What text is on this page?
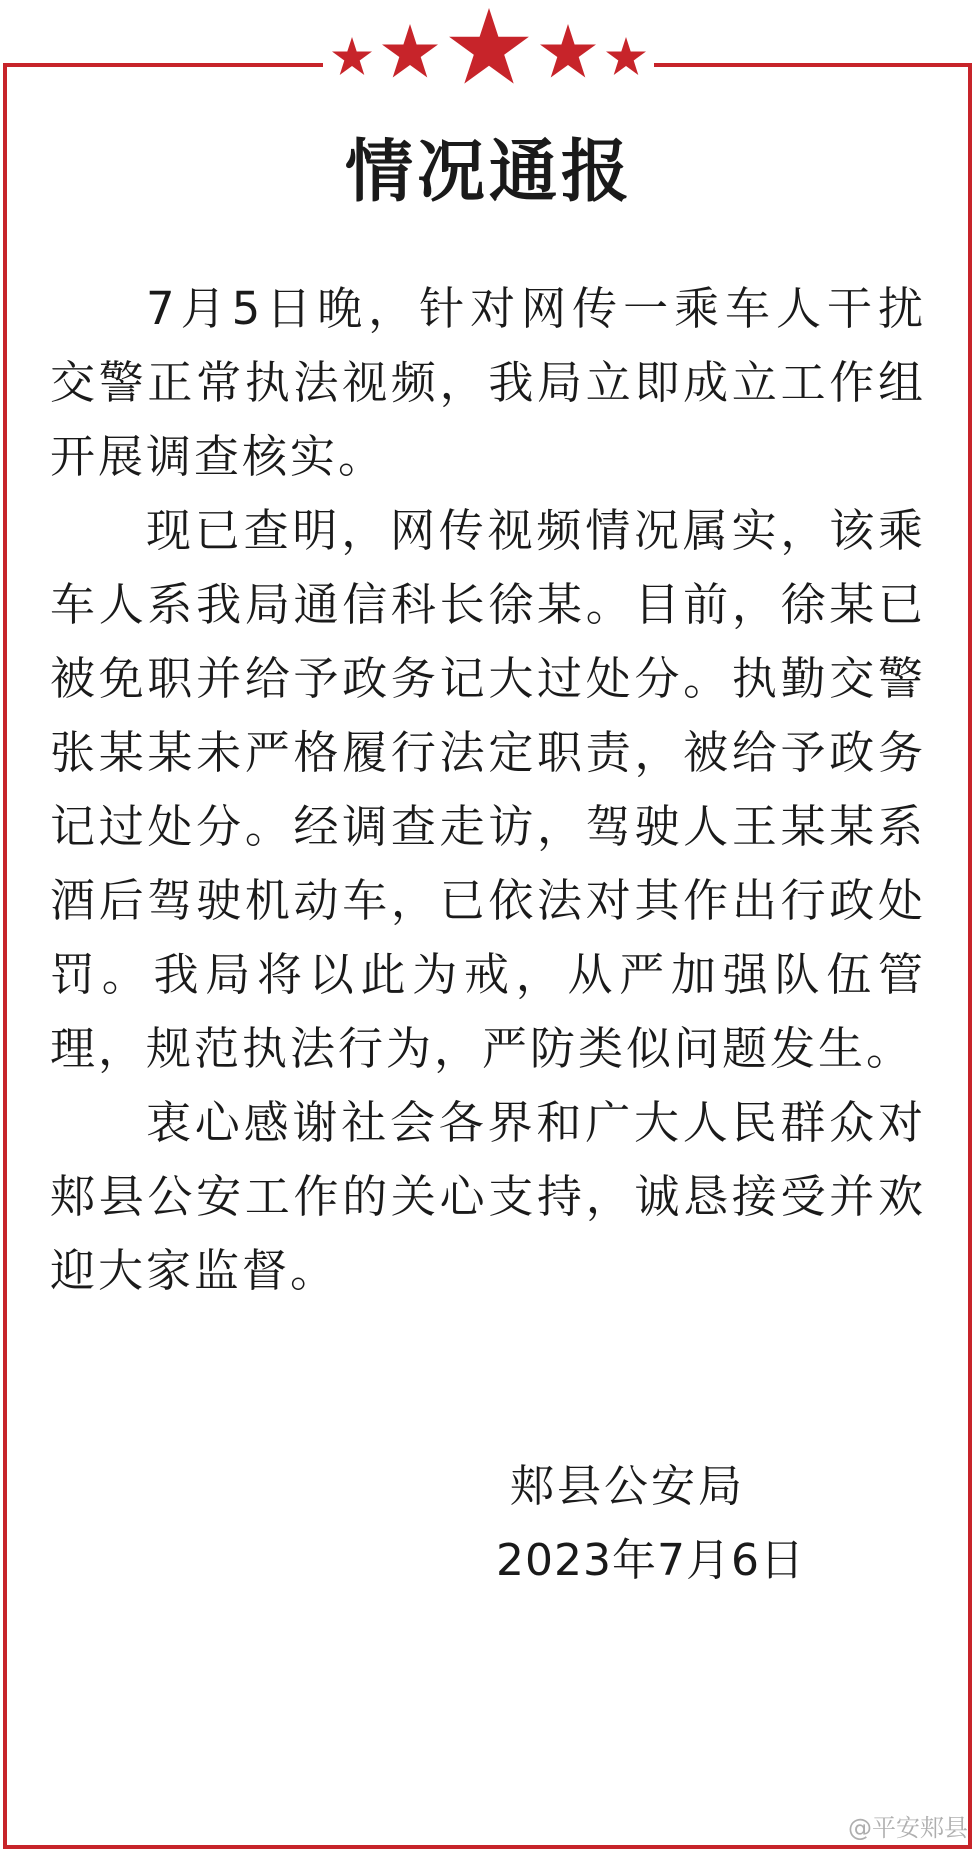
情况通报

7月5日晚，针对网传一乘车人干扰交警正常执法视频，我局立即成立工作组开展调查核实。

现已查明，网传视频情况属实，该乘车人系我局通信科长徐某。目前，徐某已被免职并给予政务记大过处分。执勤交警张某某未严格履行法定职责，被给予政务记过处分。经调查走访，驾驶人王某某系酒后驾驶机动车，已依法对其作出行政处罚。我局将以此为戒，从严加强队伍管理，规范执法行为，严防类似问题发生。

衷心感谢社会各界和广大人民群众对郏县公安工作的关心支持，诚恳接受并欢迎大家监督。

郏县公安局
2023年7月6日
@平安郏县
